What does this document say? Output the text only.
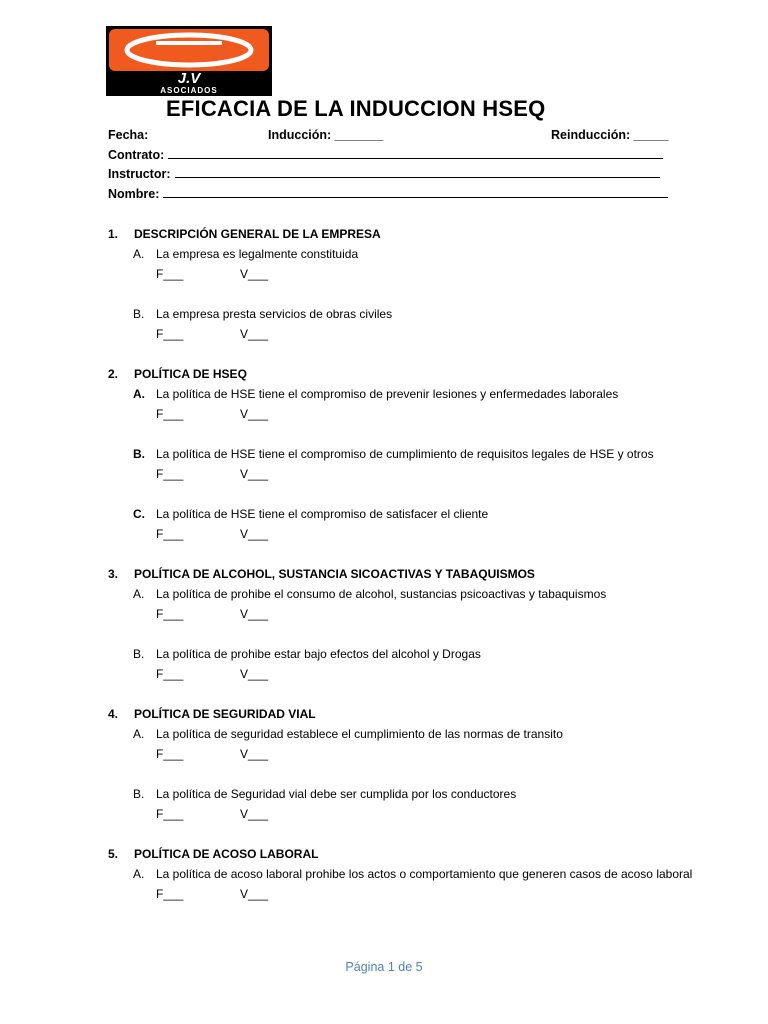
J.V
ASOCIADOS
EFICACIA DE LA INDUCCION HSEQ
Fecha:	Inducción: _______	Reinducción: _____
Contrato:
Instructor:
Nombre:
1. DESCRIPCIÓN GENERAL DE LA EMPRESA
A. La empresa es legalmente constituida
F___	V___
B. La empresa presta servicios de obras civiles
F___	V___
2. POLÍTICA DE HSEQ
A. La política de HSE tiene el compromiso de prevenir lesiones y enfermedades laborales
F___	V___
B. La política de HSE tiene el compromiso de cumplimiento de requisitos legales de HSE y otros
F___	V___
C. La política de HSE tiene el compromiso de satisfacer el cliente
F___	V___
3. POLÍTICA DE ALCOHOL, SUSTANCIA SICOACTIVAS Y TABAQUISMOS
A. La política de prohibe el consumo de alcohol, sustancias psicoactivas y tabaquismos
F___	V___
B. La política de prohibe estar bajo efectos del alcohol y Drogas
F___	V___
4. POLÍTICA DE SEGURIDAD VIAL
A. La política de seguridad establece el cumplimiento de las normas de transito
F___	V___
B. La política de Seguridad vial debe ser cumplida por los conductores
F___	V___
5. POLÍTICA DE ACOSO LABORAL
A. La política de acoso laboral prohibe los actos o comportamiento que generen casos de acoso laboral
F___	V___
Página 1 de 5
